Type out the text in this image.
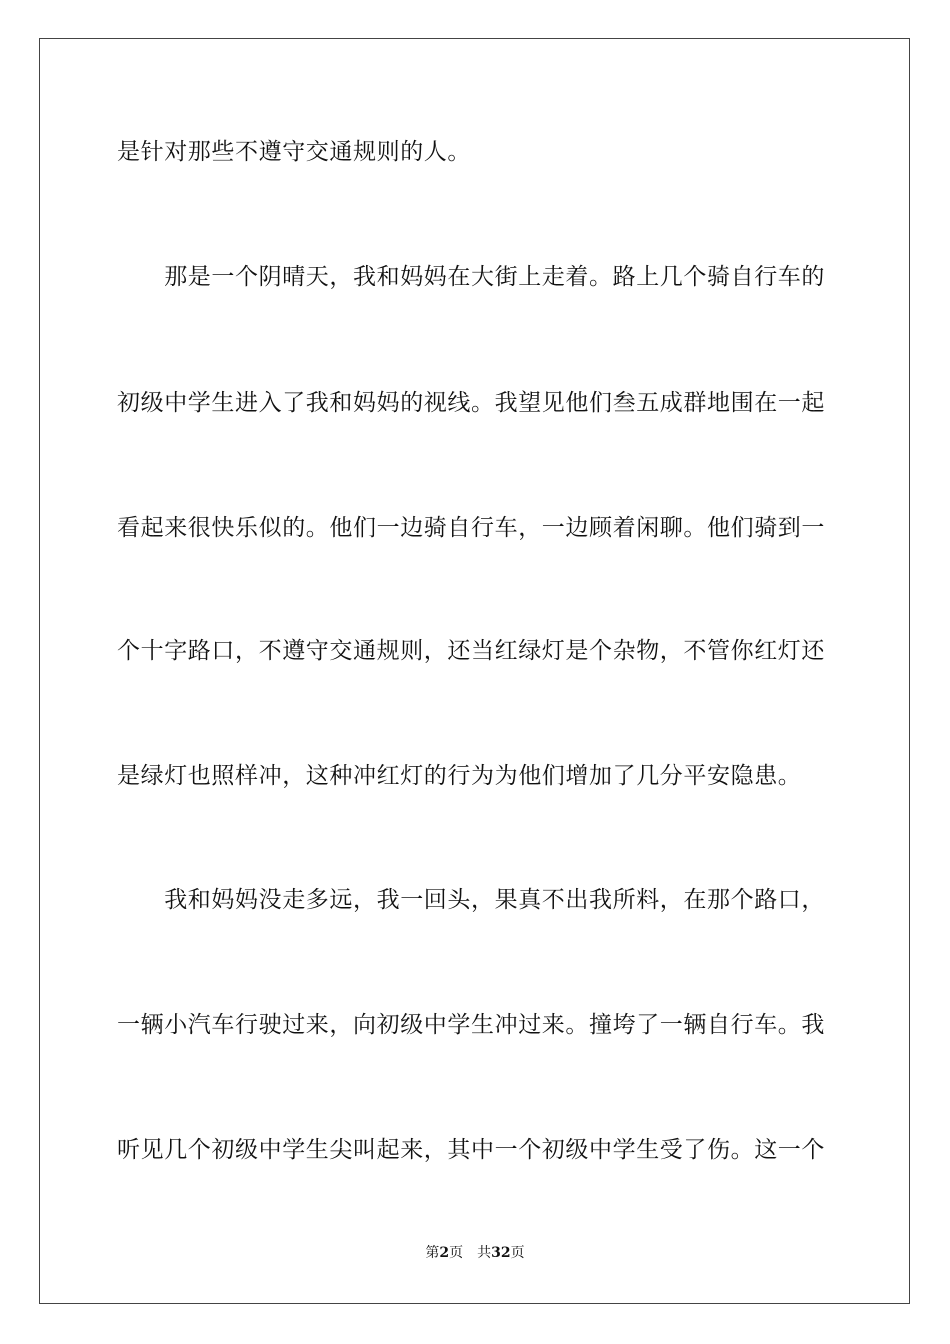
是针对那些不遵守交通规则的人。
　　那是一个阴晴天，我和妈妈在大街上走着。路上几个骑自行车的
初级中学生进入了我和妈妈的视线。我望见他们叁五成群地围在一起
看起来很快乐似的。他们一边骑自行车，一边顾着闲聊。他们骑到一
个十字路口，不遵守交通规则，还当红绿灯是个杂物，不管你红灯还
是绿灯也照样冲，这种冲红灯的行为为他们增加了几分平安隐患。
　　我和妈妈没走多远，我一回头，果真不出我所料，在那个路口，
一辆小汽车行驶过来，向初级中学生冲过来。撞垮了一辆自行车。我
听见几个初级中学生尖叫起来，其中一个初级中学生受了伤。这一个
第2页 共32页
